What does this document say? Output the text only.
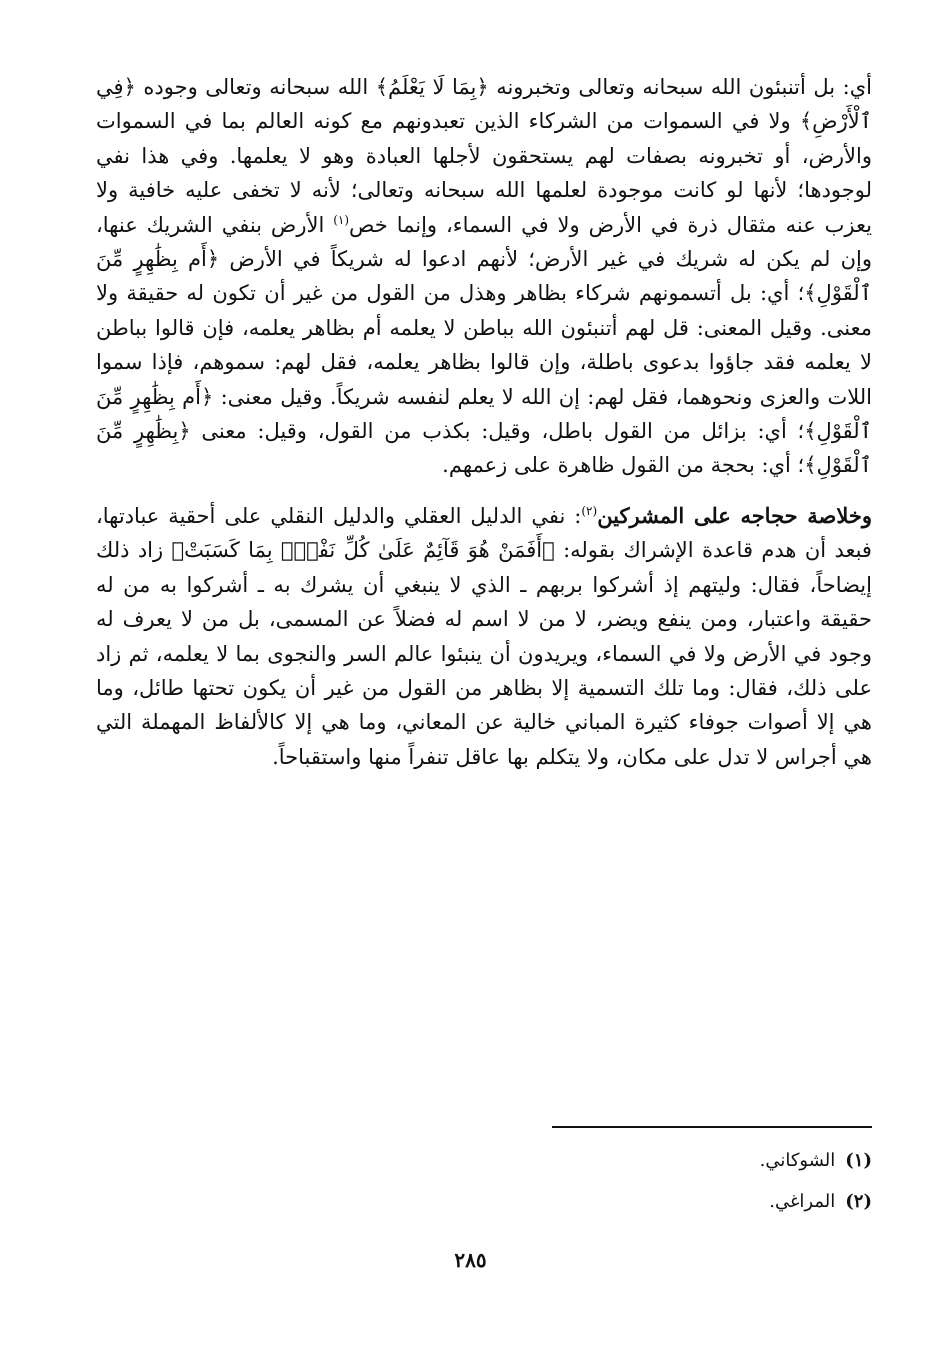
أي: بل أتنبئون الله سبحانه وتعالى وتخبرونه ﴿بِمَا لَا يَعْلَمُ﴾ الله سبحانه وتعالى وجوده ﴿فِي ٱلْأَرْضِ﴾ ولا في السموات من الشركاء الذين تعبدونهم مع كونه العالم بما في السموات والأرض، أو تخبرونه بصفات لهم يستحقون لأجلها العبادة وهو لا يعلمها. وفي هذا نفي لوجودها؛ لأنها لو كانت موجودة لعلمها الله سبحانه وتعالى؛ لأنه لا تخفى عليه خافية ولا يعزب عنه مثقال ذرة في الأرض ولا في السماء، وإنما خص$^{(١)}$ الأرض بنفي الشريك عنها، وإن لم يكن له شريك في غير الأرض؛ لأنهم ادعوا له شريكاً في الأرض ﴿أَم بِظَٰهِرٍ مِّنَ ٱلْقَوْلِ﴾؛ أي: بل أتسمونهم شركاء بظاهر وهذل من القول من غير أن تكون له حقيقة ولا معنى. وقيل المعنى: قل لهم أتنبئون الله بباطن لا يعلمه أم بظاهر يعلمه، فإن قالوا بباطن لا يعلمه فقد جاؤوا بدعوى باطلة، وإن قالوا بظاهر يعلمه، فقل لهم: سموهم، فإذا سموا اللات والعزى ونحوهما، فقل لهم: إن الله لا يعلم لنفسه شريكاً. وقيل معنى: ﴿أَم بِظَٰهِرٍ مِّنَ ٱلْقَوْلِ﴾؛ أي: بزائل من القول باطل، وقيل: بكذب من القول، وقيل: معنى ﴿بِظَٰهِرٍ مِّنَ ٱلْقَوْلِ﴾؛ أي: بحجة من القول ظاهرة على زعمهم.

وخلاصة حجاجه على المشركين$^{(٢)}$: نفي الدليل العقلي والدليل النقلي على أحقية عبادتها، فبعد أن هدم قاعدة الإشراك بقوله: ﴿أَفَمَنْ هُوَ قَآئِمٌ عَلَىٰ كُلِّ نَفْسٍۭ بِمَا كَسَبَتْ﴾ زاد ذلك إيضاحاً، فقال: وليتهم إذ أشركوا بربهم ـ الذي لا ينبغي أن يشرك به ـ أشركوا به من له حقيقة واعتبار، ومن ينفع ويضر، لا من لا اسم له فضلاً عن المسمى، بل من لا يعرف له وجود في الأرض ولا في السماء، ويريدون أن ينبئوا عالم السر والنجوى بما لا يعلمه، ثم زاد على ذلك، فقال: وما تلك التسمية إلا بظاهر من القول من غير أن يكون تحتها طائل، وما هي إلا أصوات جوفاء كثيرة المباني خالية عن المعاني، وما هي إلا كالألفاظ المهملة التي هي أجراس لا تدل على مكان، ولا يتكلم بها عاقل تنفراً منها واستقباحاً.

(١)الشوكاني.
(٢)المراغي.
٢٨٥
